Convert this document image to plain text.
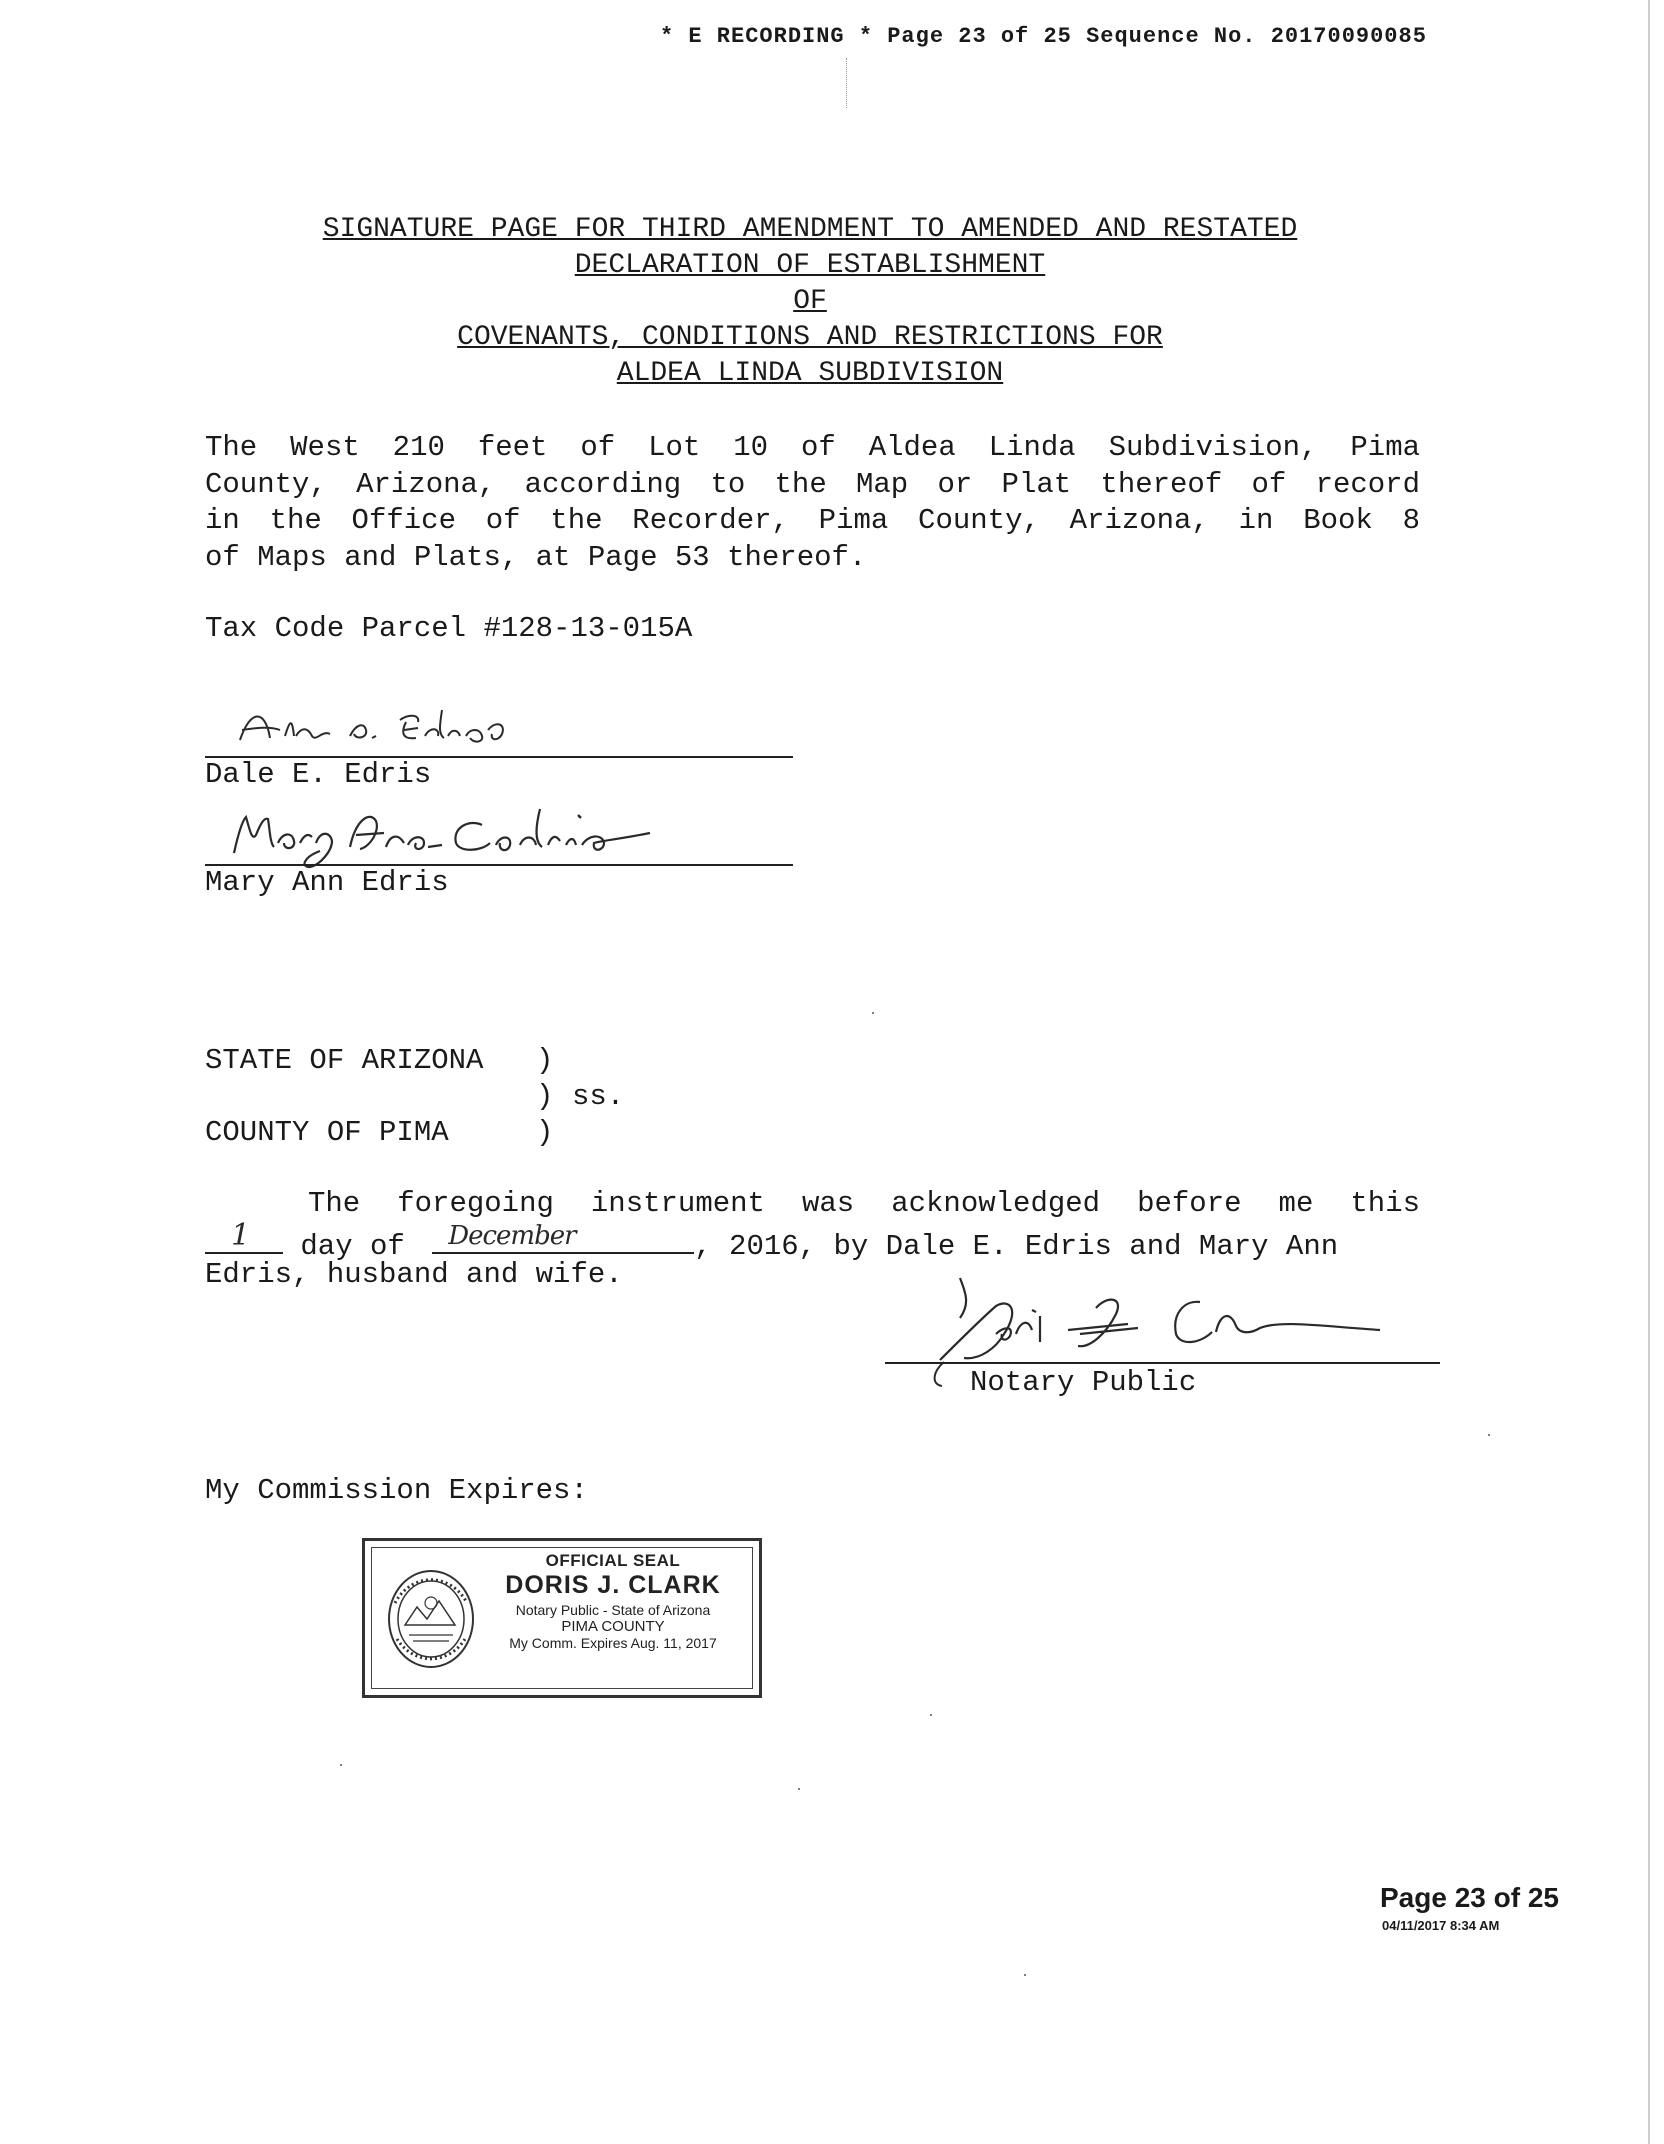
* E RECORDING * Page 23 of 25 Sequence No. 20170090085
SIGNATURE PAGE FOR THIRD AMENDMENT TO AMENDED AND RESTATED
DECLARATION OF ESTABLISHMENT
OF
COVENANTS, CONDITIONS AND RESTRICTIONS FOR
ALDEA LINDA SUBDIVISION
The West 210 feet of Lot 10 of Aldea Linda Subdivision, Pima
County, Arizona, according to the Map or Plat thereof of record
in the Office of the Recorder, Pima County, Arizona, in Book 8
of Maps and Plats, at Page 53 thereof.
Tax Code Parcel #128-13-015A
Dale E. Edris
Mary Ann Edris
STATE OF ARIZONA )
) ss.
COUNTY OF PIMA	)
The foregoing instrument was acknowledged before me this
1 day of December	, 2016, by Dale E. Edris and Mary Ann
Edris, husband and wife.
Notary Public
My Commission Expires:
OFFICIAL SEAL
DORIS J. CLARK
Notary Public - State of Arizona
PIMA COUNTY
My Comm. Expires Aug. 11, 2017
Page 23 of 25
04/11/2017 8:34 AM
